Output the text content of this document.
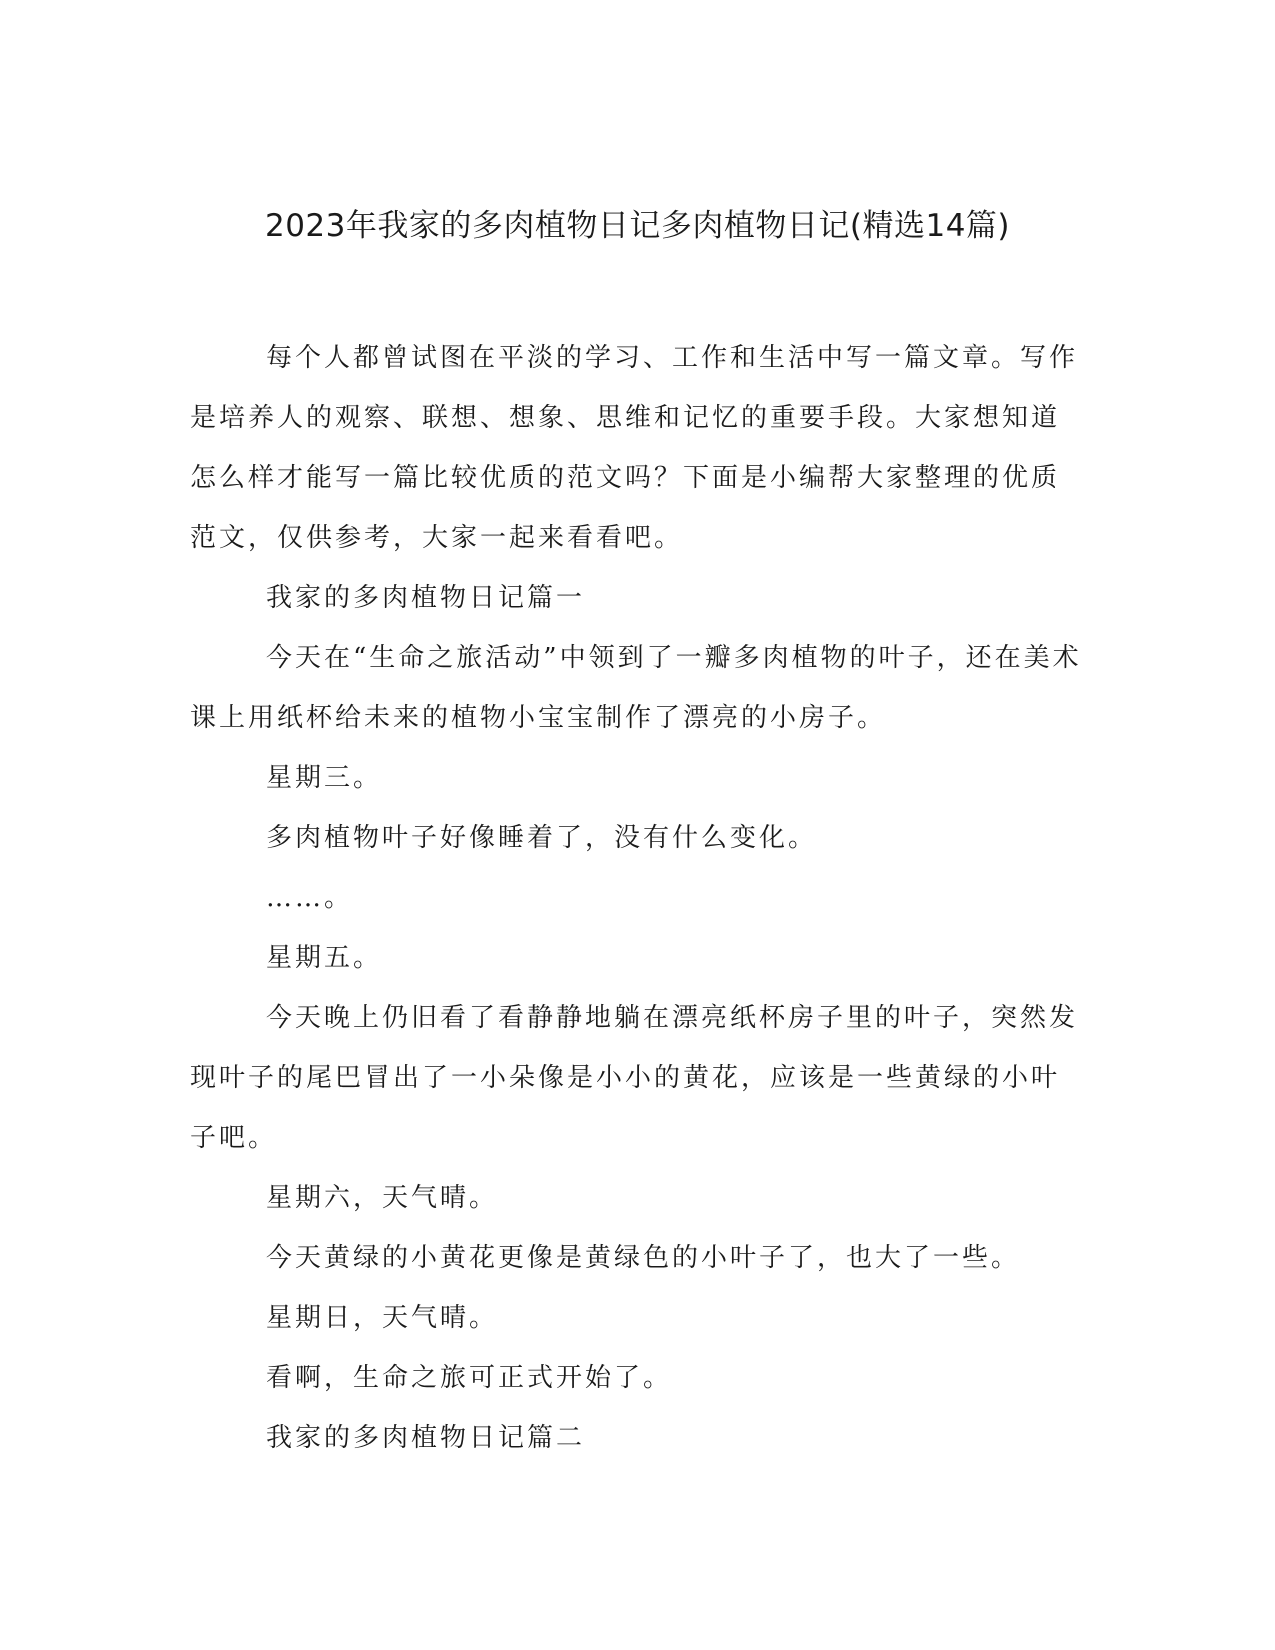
2023年我家的多肉植物日记多肉植物日记(精选14篇)

每个人都曾试图在平淡的学习、工作和生活中写一篇文章。写作是培养人的观察、联想、想象、思维和记忆的重要手段。大家想知道怎么样才能写一篇比较优质的范文吗？下面是小编帮大家整理的优质范文，仅供参考，大家一起来看看吧。

我家的多肉植物日记篇一

今天在“生命之旅活动”中领到了一瓣多肉植物的叶子，还在美术课上用纸杯给未来的植物小宝宝制作了漂亮的小房子。

星期三。

多肉植物叶子好像睡着了，没有什么变化。

……。

星期五。

今天晚上仍旧看了看静静地躺在漂亮纸杯房子里的叶子，突然发现叶子的尾巴冒出了一小朵像是小小的黄花，应该是一些黄绿的小叶子吧。

星期六，天气晴。

今天黄绿的小黄花更像是黄绿色的小叶子了，也大了一些。

星期日，天气晴。

看啊，生命之旅可正式开始了。

我家的多肉植物日记篇二
